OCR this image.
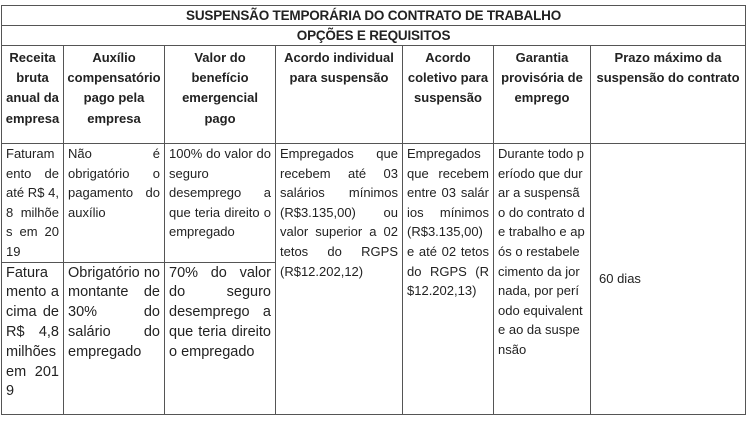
SUSPENSÃO TEMPORÁRIA DO CONTRATO DE TRABALHO						
OPÇÕES E REQUISITOS						
Receita bruta anual da empresa	Auxílio compensatório pago pela empresa	Valor do benefício emergencial pago	Acordo individual para suspensão	Acordo coletivo para suspensão	Garantia provisória de emprego	Prazo máximo da suspensão do contrato
Faturamento de até R$ 4,8 milhões em 2019	Não é obrigatório o pagamento do auxílio	100% do valor do seguro desemprego a que teria direito o empregado	Empregados que recebem até 03 salários mínimos (R$3.135,00) ou valor superior a 02 tetos do RGPS (R$12.202,12)	Empregados que recebem entre 03 salários mínimos (R$3.135,00) e até 02 tetos do RGPS (R$12.202,13)	Durante todo período que durar a suspensão do contrato de trabalho e após o restabelecimento da jornada, por período equivalente ao da suspensão	60 dias
Faturamento acima de R$ 4,8 milhões em 2019	Obrigatório no montante de 30% do salário do empregado	70% do valor do seguro desemprego a que teria direito o empregado				
